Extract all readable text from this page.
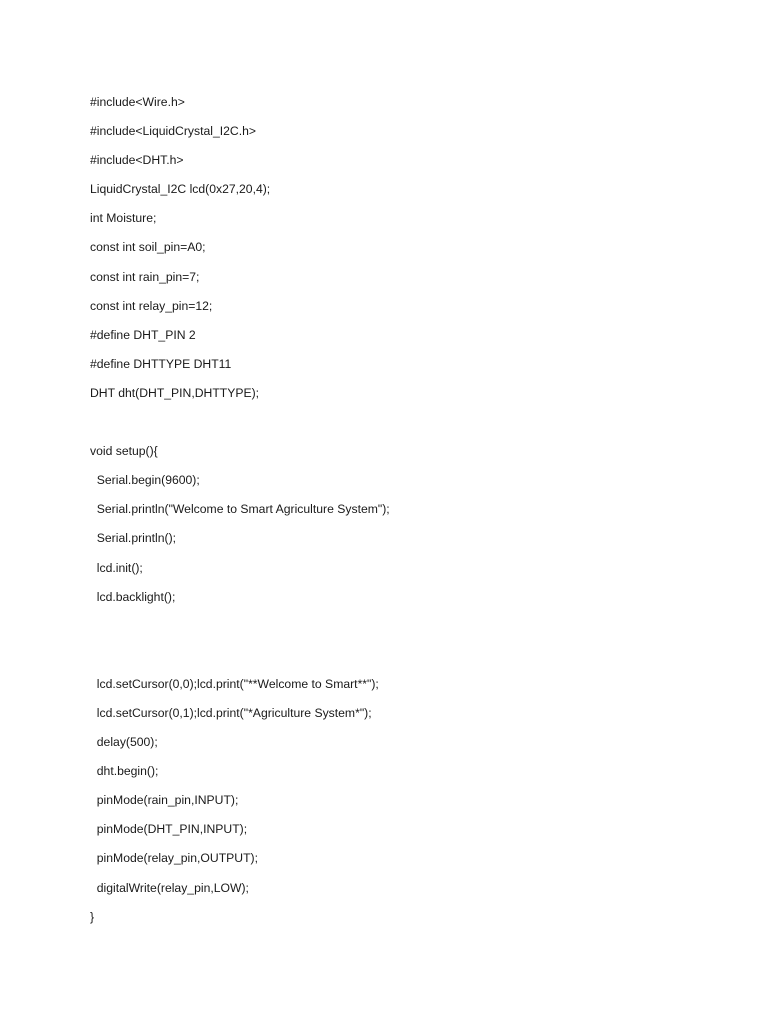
#include<Wire.h>
#include<LiquidCrystal_I2C.h>
#include<DHT.h>
LiquidCrystal_I2C lcd(0x27,20,4);
int Moisture;
const int soil_pin=A0;
const int rain_pin=7;
const int relay_pin=12;
#define DHT_PIN 2
#define DHTTYPE DHT11
DHT dht(DHT_PIN,DHTTYPE);
void setup(){
Serial.begin(9600);
Serial.println("Welcome to Smart Agriculture System");
Serial.println();
lcd.init();
lcd.backlight();
lcd.setCursor(0,0);lcd.print("**Welcome to Smart**");
lcd.setCursor(0,1);lcd.print("*Agriculture System*");
delay(500);
dht.begin();
pinMode(rain_pin,INPUT);
pinMode(DHT_PIN,INPUT);
pinMode(relay_pin,OUTPUT);
digitalWrite(relay_pin,LOW);
}
